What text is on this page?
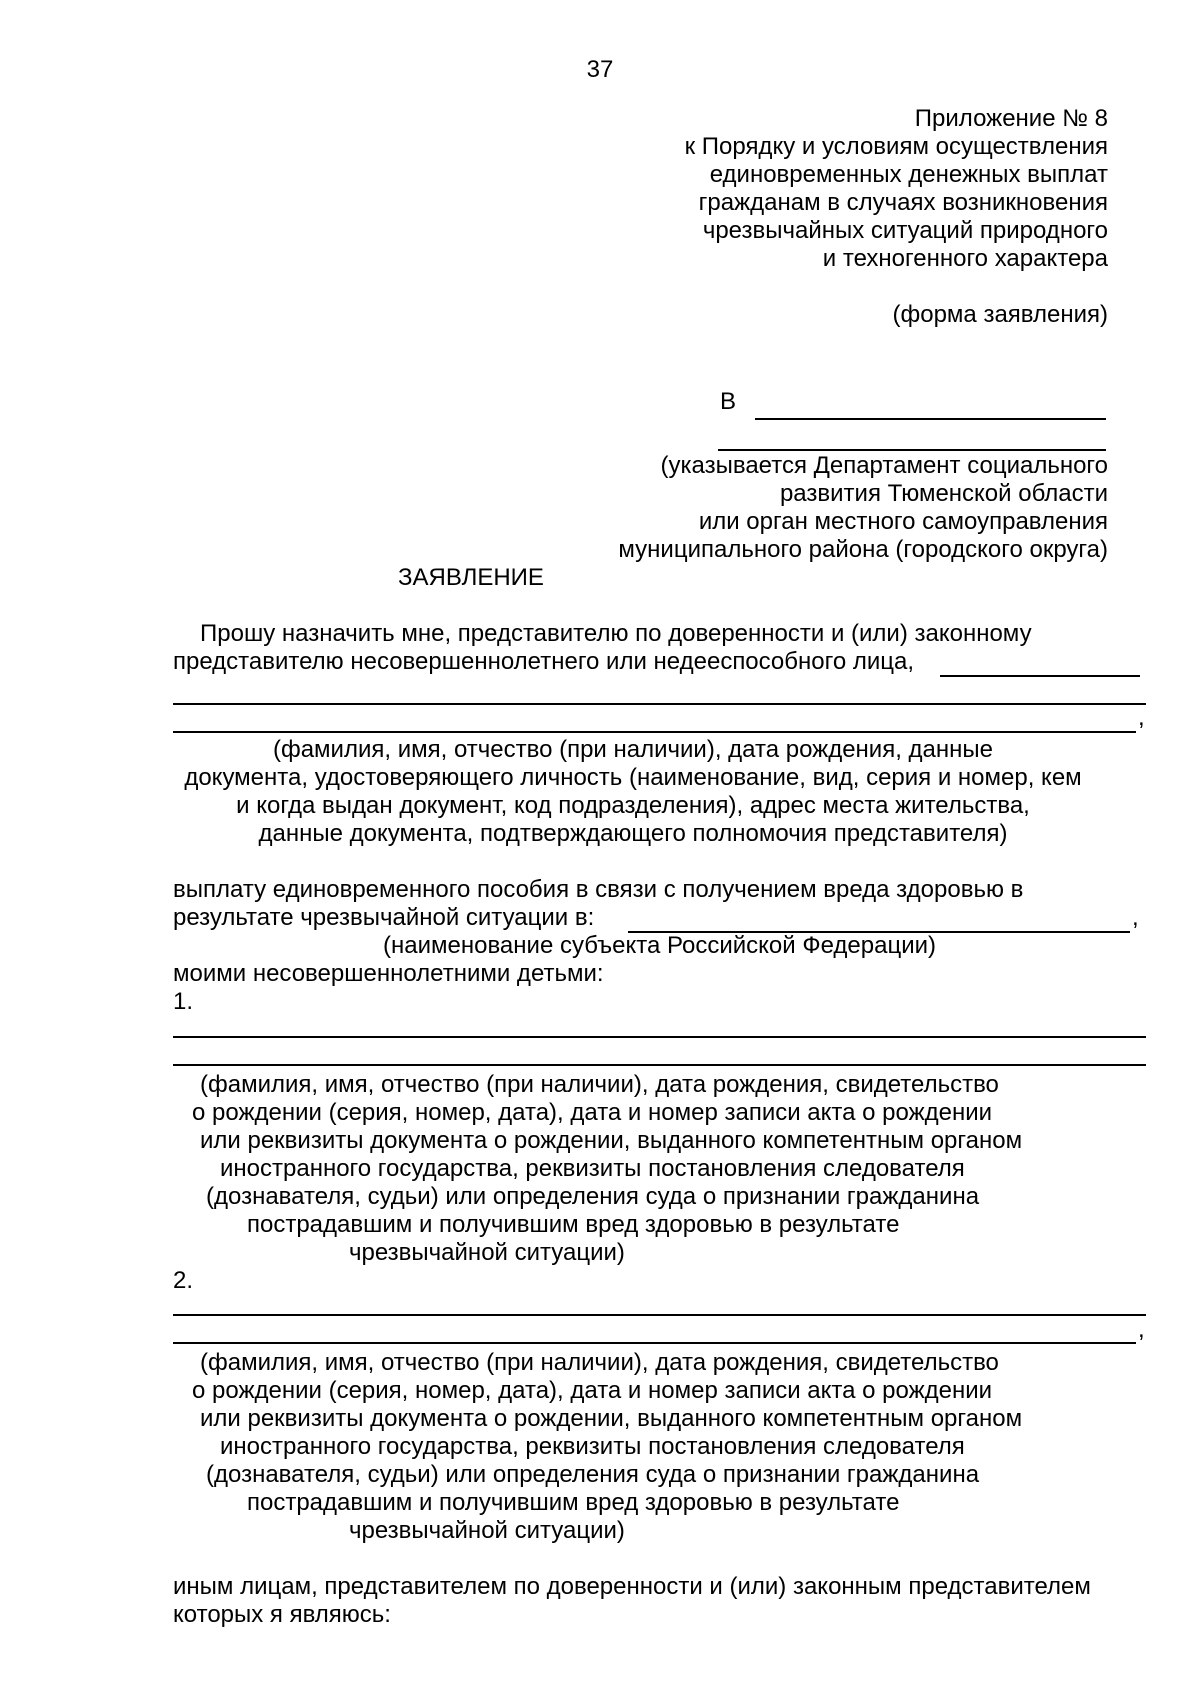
37
Приложение № 8
к Порядку и условиям осуществления
единовременных денежных выплат
гражданам в случаях возникновения
чрезвычайных ситуаций природного
и техногенного характера
(форма заявления)
В
(указывается Департамент социального
развития Тюменской области
или орган местного самоуправления
муниципального района (городского округа)
ЗАЯВЛЕНИЕ
Прошу назначить мне, представителю по доверенности и (или) законному
представителю несовершеннолетнего или недееспособного лица,
,
(фамилия, имя, отчество (при наличии), дата рождения, данные
документа, удостоверяющего личность (наименование, вид, серия и номер, кем
и когда выдан документ, код подразделения), адрес места жительства,
данные документа, подтверждающего полномочия представителя)
выплату единовременного пособия в связи с получением вреда здоровью в
результате чрезвычайной ситуации в:	,
(наименование субъекта Российской Федерации)
моими несовершеннолетними детьми:
1.
(фамилия, имя, отчество (при наличии), дата рождения, свидетельство
о рождении (серия, номер, дата), дата и номер записи акта о рождении
или реквизиты документа о рождении, выданного компетентным органом
иностранного государства, реквизиты постановления следователя
(дознавателя, судьи) или определения суда о признании гражданина
пострадавшим и получившим вред здоровью в результате
чрезвычайной ситуации)
2.
,
(фамилия, имя, отчество (при наличии), дата рождения, свидетельство
о рождении (серия, номер, дата), дата и номер записи акта о рождении
или реквизиты документа о рождении, выданного компетентным органом
иностранного государства, реквизиты постановления следователя
(дознавателя, судьи) или определения суда о признании гражданина
пострадавшим и получившим вред здоровью в результате
чрезвычайной ситуации)
иным лицам, представителем по доверенности и (или) законным представителем
которых я являюсь:
